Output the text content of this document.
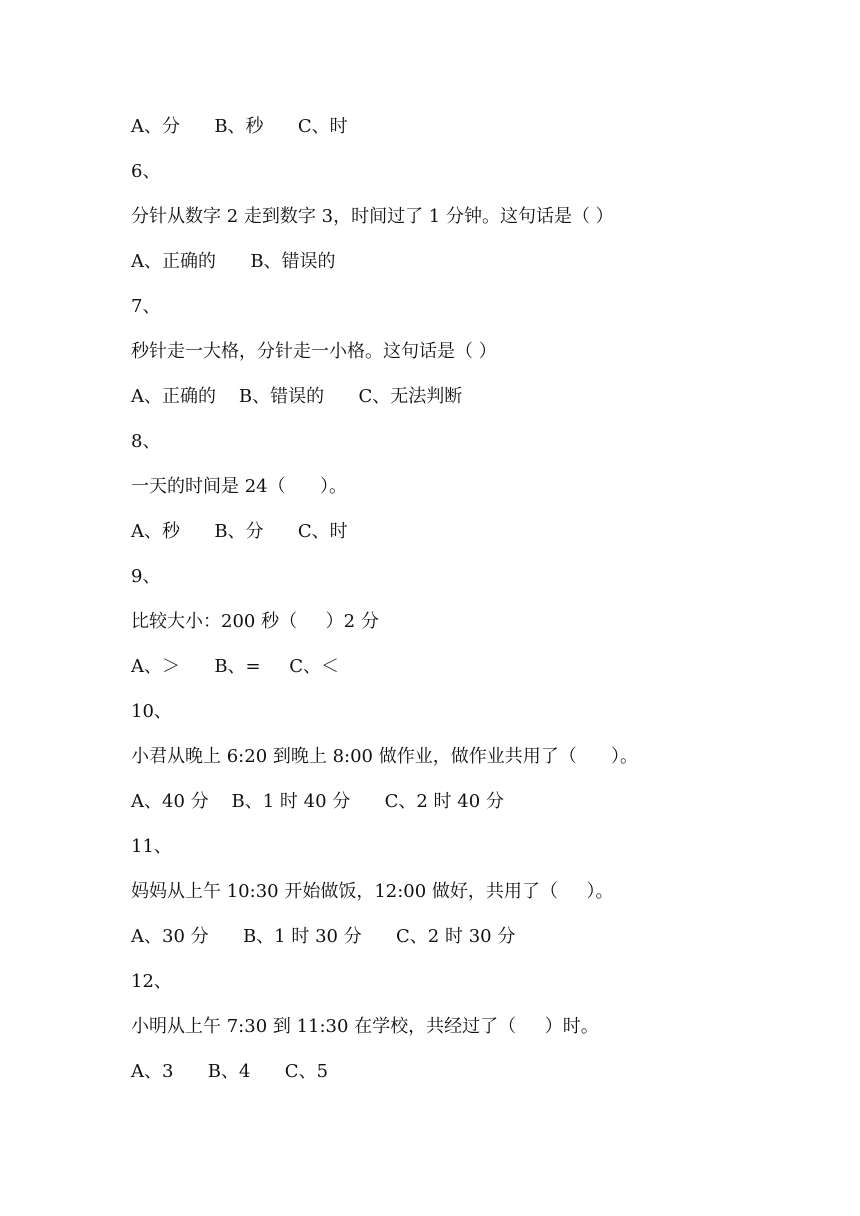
A、分      B、秒      C、时
6、
分针从数字 2 走到数字 3，时间过了 1 分钟。这句话是（ ）
A、正确的      B、错误的
7、
秒针走一大格，分针走一小格。这句话是（ ）
A、正确的    B、错误的      C、无法判断
8、
一天的时间是 24（      ）。
A、秒      B、分      C、时
9、
比较大小：200 秒（     ）2 分
A、＞      B、=     C、＜
10、
小君从晚上 6:20 到晚上 8:00 做作业，做作业共用了（      ）。
A、40 分    B、1 时 40 分      C、2 时 40 分
11、
妈妈从上午 10:30 开始做饭，12:00 做好，共用了（     ）。
A、30 分      B、1 时 30 分      C、2 时 30 分
12、
小明从上午 7:30 到 11:30 在学校，共经过了（     ）时。
A、3      B、4      C、5
